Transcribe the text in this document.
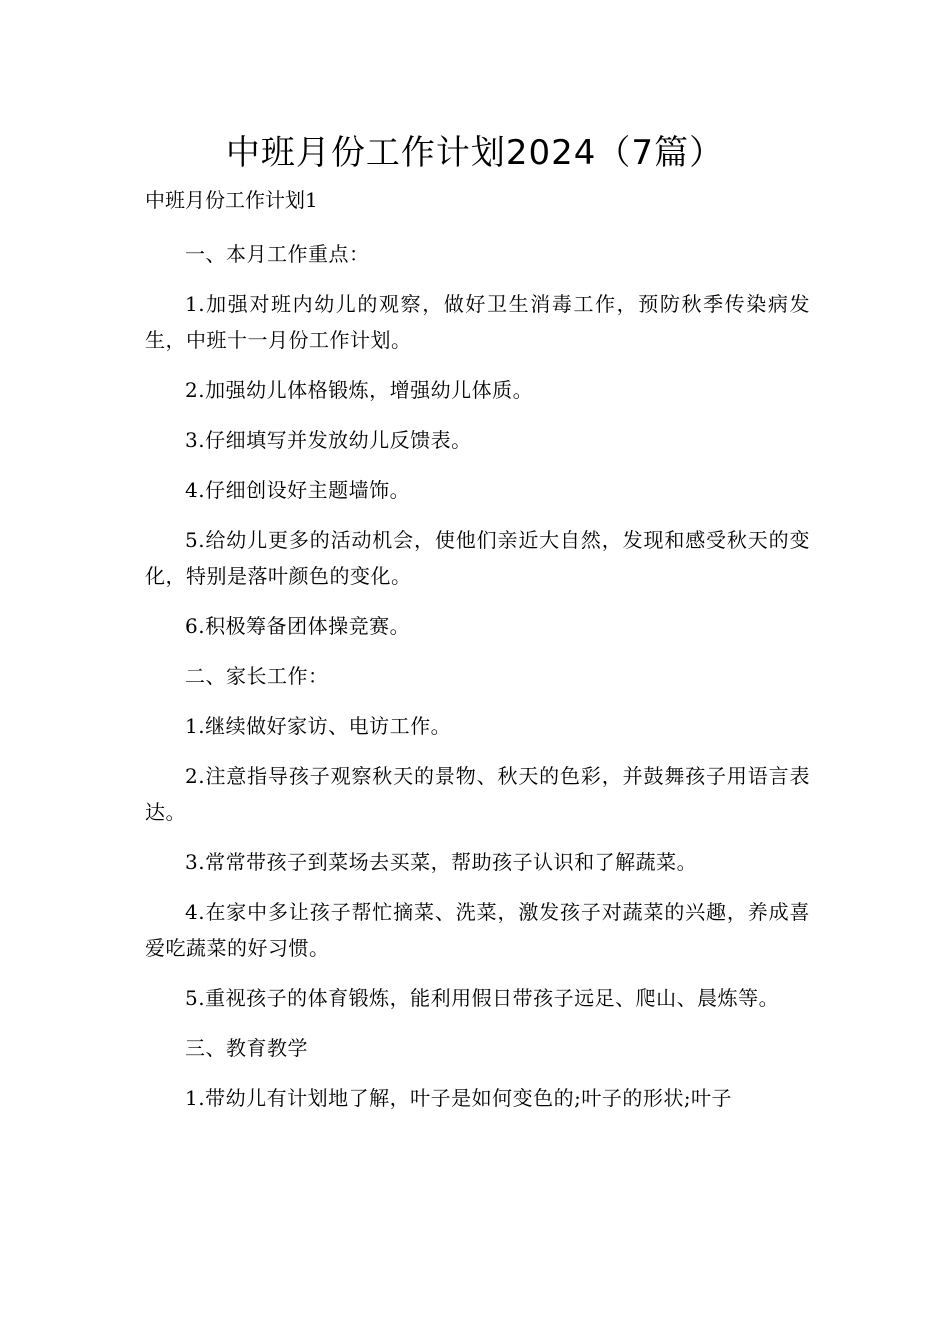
中班月份工作计划2024（7篇）
中班月份工作计划1

一、本月工作重点：

1.加强对班内幼儿的观察，做好卫生消毒工作，预防秋季传染病发生，中班十一月份工作计划。

2.加强幼儿体格锻炼，增强幼儿体质。

3.仔细填写并发放幼儿反馈表。

4.仔细创设好主题墙饰。

5.给幼儿更多的活动机会，使他们亲近大自然，发现和感受秋天的变化，特别是落叶颜色的变化。

6.积极筹备团体操竞赛。

二、家长工作：

1.继续做好家访、电访工作。

2.注意指导孩子观察秋天的景物、秋天的色彩，并鼓舞孩子用语言表达。

3.常常带孩子到菜场去买菜，帮助孩子认识和了解蔬菜。

4.在家中多让孩子帮忙摘菜、洗菜，激发孩子对蔬菜的兴趣，养成喜爱吃蔬菜的好习惯。

5.重视孩子的体育锻炼，能利用假日带孩子远足、爬山、晨炼等。

三、教育教学

1.带幼儿有计划地了解，叶子是如何变色的;叶子的形状;叶子
